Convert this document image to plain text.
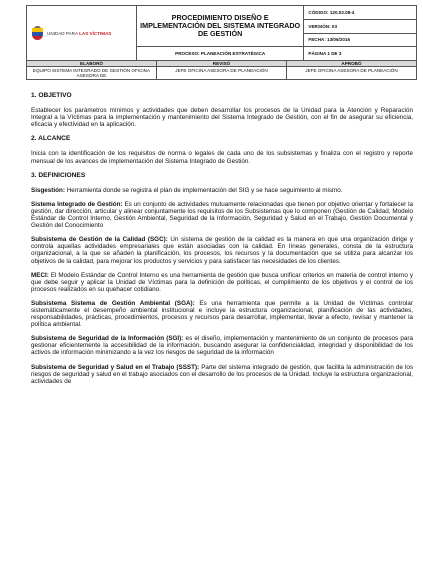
UNIDAD PARA LAS VÍCTIMAS	PROCEDIMIENTO DISEÑO E IMPLEMENTACIÓN DEL SISTEMA INTEGRADO DE GESTIÓN	CÓDIGO: 120.02.08-4
		VERSIÓN: 03
		FECHA: 13/06/2016
	PROCESO: PLANEACIÓN ESTRATÉGICA	PÁGINA 1 DE 3
ELABORÓ	REVISÓ	APROBÓ
EQUIPO SISTEMA INTEGRADO DE GESTIÓN OFICINA ASESORA DE	JEFE OFICINA ASESORA DE PLANEACIÓN	JEFE OFICINA ASESORA DE PLANEACIÓN
1. OBJETIVO
Establecer los parámetros mínimos y actividades que deben desarrollar los procesos de la Unidad para la Atención y Reparación Integral a la Víctimas para la implementación y mantenimiento del Sistema Integrado de Gestión, con el fin de asegurar su eficiencia, eficacia y efectividad en la aplicación.
2. ALCANCE
Inicia con la identificación de los requisitos de norma o legales de cada uno de los subsistemas y finaliza con el registro y reporte mensual de los avances de implementación del Sistema Integrado de Gestión.
3. DEFINICIONES
Sisgestión: Herramienta donde se registra el plan de implementación del SIG y se hace seguimiento al mismo.
Sistema Integrado de Gestión: Es un conjunto de actividades mutuamente relacionadas que tienen por objetivo orientar y fortalecer la gestión, dar dirección, articular y alinear conjuntamente los requisitos de los Subsistemas que lo componen (Gestión de Calidad, Modelo Estándar de Control Interno, Gestión Ambiental, Seguridad de la Información, Seguridad y Salud en el Trabajo, Gestión Documental y Gestión del Conocimiento
Subsistema de Gestión de la Calidad (SGC): Un sistema de gestión de la calidad es la manera en que una organización dirige y controla aquellas actividades empresariales que están asociadas con la calidad. En líneas generales, consta de la estructura organizacional, a la que se añaden la planificación, los procesos, los recursos y la documentación que se utiliza para alcanzar los objetivos de la calidad, para mejorar los productos y servicios y para satisfacer las necesidades de los clientes.
MECI: El Modelo Estándar de Control Interno es una herramienta de gestión que busca unificar criterios en materia de control interno y que debe seguir y aplicar la Unidad de Víctimas para la definición de políticas, el cumplimiento de los objetivos y el control de los procesos realizados en su quehacer cotidiano.
Subsistema Sistema de Gestión Ambiental (SGA): Es una herramienta que permite a la Unidad de Víctimas controlar sistemáticamente el desempeño ambiental institucional e incluye la estructura organizacional, planificación de las actividades, responsabilidades, prácticas, procedimientos, procesos y recursos para desarrollar, implementar, llevar a efecto, revisar y mantener la política ambiental.
Subsistema de Seguridad de la Información (SGI): es el diseño, implementación y mantenimiento de un conjunto de procesos para gestionar eficientemente la accesibilidad de la información, buscando asegurar la confidencialidad, integridad y disponibilidad de los activos de información minimizando a la vez los riesgos de seguridad de la información
Subsistema de Seguridad y Salud en el Trabajo (SSST): Parte del sistema integrado de gestión, que facilita la administración de los riesgos de seguridad y salud en el trabajo asociados con el desarrollo de los procesos de la Unidad. Incluye la estructura organizacional, actividades de
